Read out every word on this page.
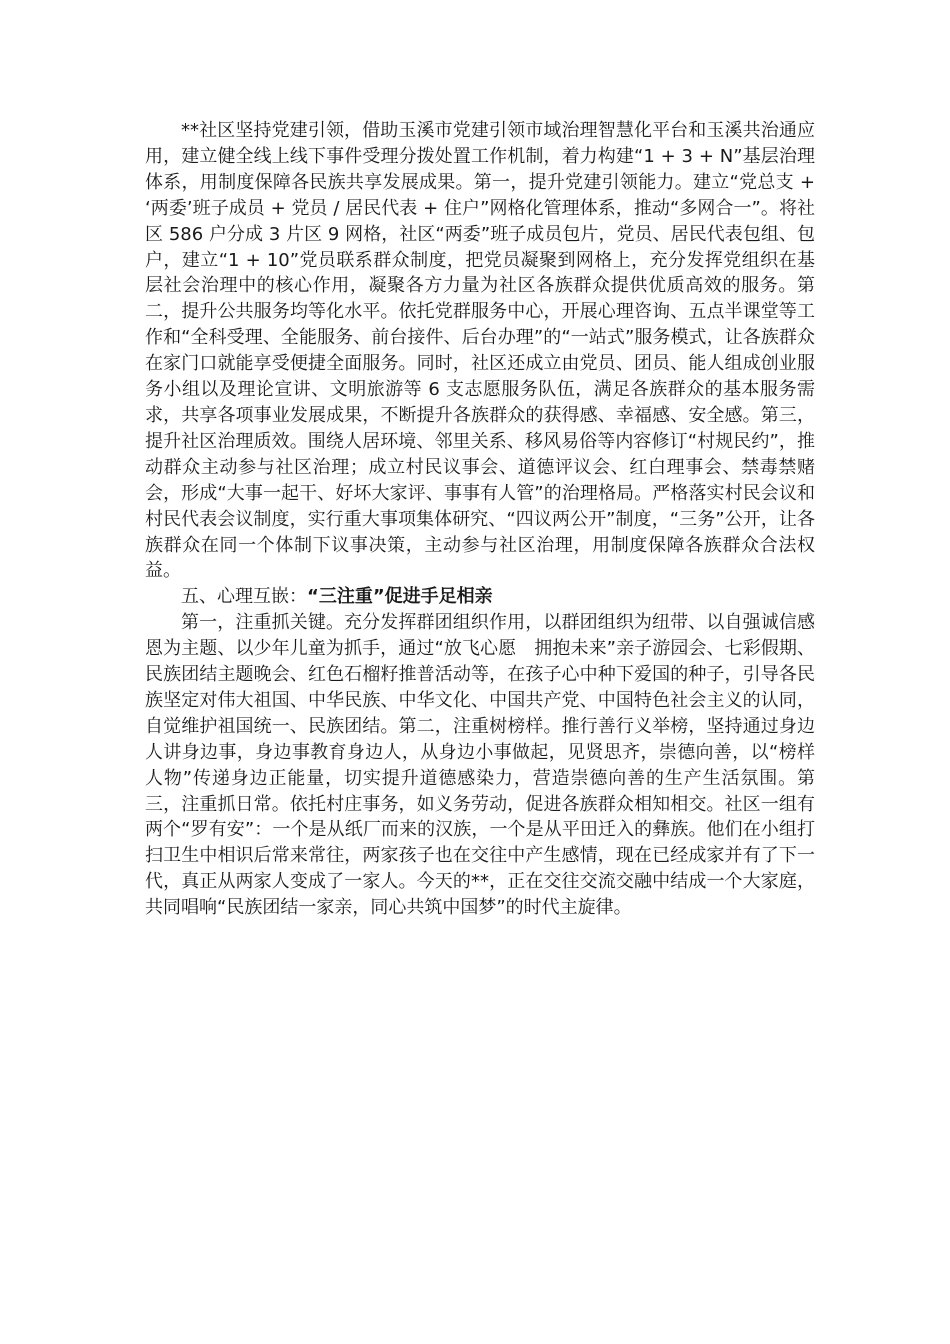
**社区坚持党建引领，借助玉溪市党建引领市域治理智慧化平台和玉溪共治通应用，建立健全线上线下事件受理分拨处置工作机制，着力构建“1 + 3 + N”基层治理体系，用制度保障各民族共享发展成果。第一，提升党建引领能力。建立“党总支 + ‘两委’班子成员 + 党员 / 居民代表 + 住户”网格化管理体系，推动“多网合一”。将社区 586 户分成 3 片区 9 网格，社区“两委”班子成员包片，党员、居民代表包组、包户，建立“1 + 10”党员联系群众制度，把党员凝聚到网格上，充分发挥党组织在基层社会治理中的核心作用，凝聚各方力量为社区各族群众提供优质高效的服务。第二，提升公共服务均等化水平。依托党群服务中心，开展心理咨询、五点半课堂等工作和“全科受理、全能服务、前台接件、后台办理”的“一站式”服务模式，让各族群众在家门口就能享受便捷全面服务。同时，社区还成立由党员、团员、能人组成创业服务小组以及理论宣讲、文明旅游等 6 支志愿服务队伍，满足各族群众的基本服务需求，共享各项事业发展成果，不断提升各族群众的获得感、幸福感、安全感。第三，提升社区治理质效。围绕人居环境、邻里关系、移风易俗等内容修订“村规民约”，推动群众主动参与社区治理；成立村民议事会、道德评议会、红白理事会、禁毒禁赌会，形成“大事一起干、好坏大家评、事事有人管”的治理格局。严格落实村民会议和村民代表会议制度，实行重大事项集体研究、“四议两公开”制度，“三务”公开，让各族群众在同一个体制下议事决策，主动参与社区治理，用制度保障各族群众合法权益。

五、心理互嵌：“三注重”促进手足相亲

第一，注重抓关键。充分发挥群团组织作用，以群团组织为纽带、以自强诚信感恩为主题、以少年儿童为抓手，通过“放飞心愿　拥抱未来”亲子游园会、七彩假期、民族团结主题晚会、红色石榴籽推普活动等，在孩子心中种下爱国的种子，引导各民族坚定对伟大祖国、中华民族、中华文化、中国共产党、中国特色社会主义的认同，自觉维护祖国统一、民族团结。第二，注重树榜样。推行善行义举榜，坚持通过身边人讲身边事，身边事教育身边人，从身边小事做起，见贤思齐，崇德向善，以“榜样人物”传递身边正能量，切实提升道德感染力，营造崇德向善的生产生活氛围。第三，注重抓日常。依托村庄事务，如义务劳动，促进各族群众相知相交。社区一组有两个“罗有安”：一个是从纸厂而来的汉族，一个是从平田迁入的彝族。他们在小组打扫卫生中相识后常来常往，两家孩子也在交往中产生感情，现在已经成家并有了下一代，真正从两家人变成了一家人。今天的**，正在交往交流交融中结成一个大家庭，共同唱响“民族团结一家亲，同心共筑中国梦”的时代主旋律。
